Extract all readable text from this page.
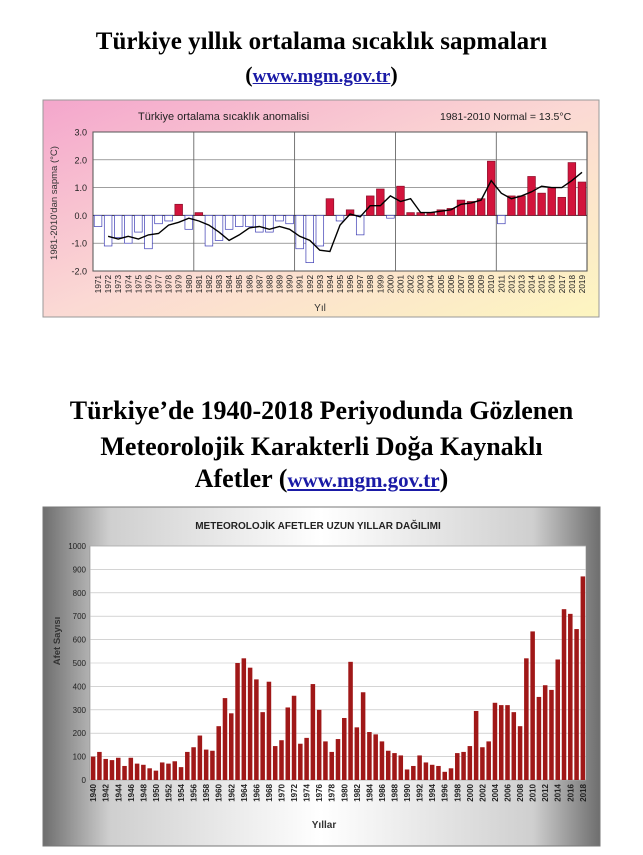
Türkiye yıllık ortalama sıcaklık sapmaları
(www.mgm.gov.tr)
Türkiye ortalama sıcaklık anomalisi	1981-2010 Normal = 13.5°C
3.0
2.0
1.0
0.0
-1.0
-2.0
1971 1972 1973 1974 1975 1976 1977 1978 1979 1980 1981 1982 1983 1984 1985 1986 1987 1988 1989 1990 1991 1992 1993 1994 1995 1996 1997 1998 1999 2000 2001 2002 2003 2004 2005 2006 2007 2008 2009 2010 2011 2012 2013 2014 2015 2016 2017 2018 2019
Yıl
1981-2010'dan sapma (°C)
Türkiye’de 1940-2018 Periyodunda Gözlenen
Meteorolojik Karakterli Doğa Kaynaklı
Afetler (www.mgm.gov.tr)
METEOROLOJİK AFETLER UZUN YILLAR DAĞILIMI
1000
900
800
700
600
500
400
300
200
100
0
1940 1942 1944 1946 1948 1950 1952 1954 1956 1958 1960 1962 1964 1966 1968 1970 1972 1974 1976 1978 1980 1982 1984 1986 1988 1990 1992 1994 1996 1998 2000 2002 2004 2006 2008 2010 2012 2014 2016 2018
Yıllar
Afet Sayısı
